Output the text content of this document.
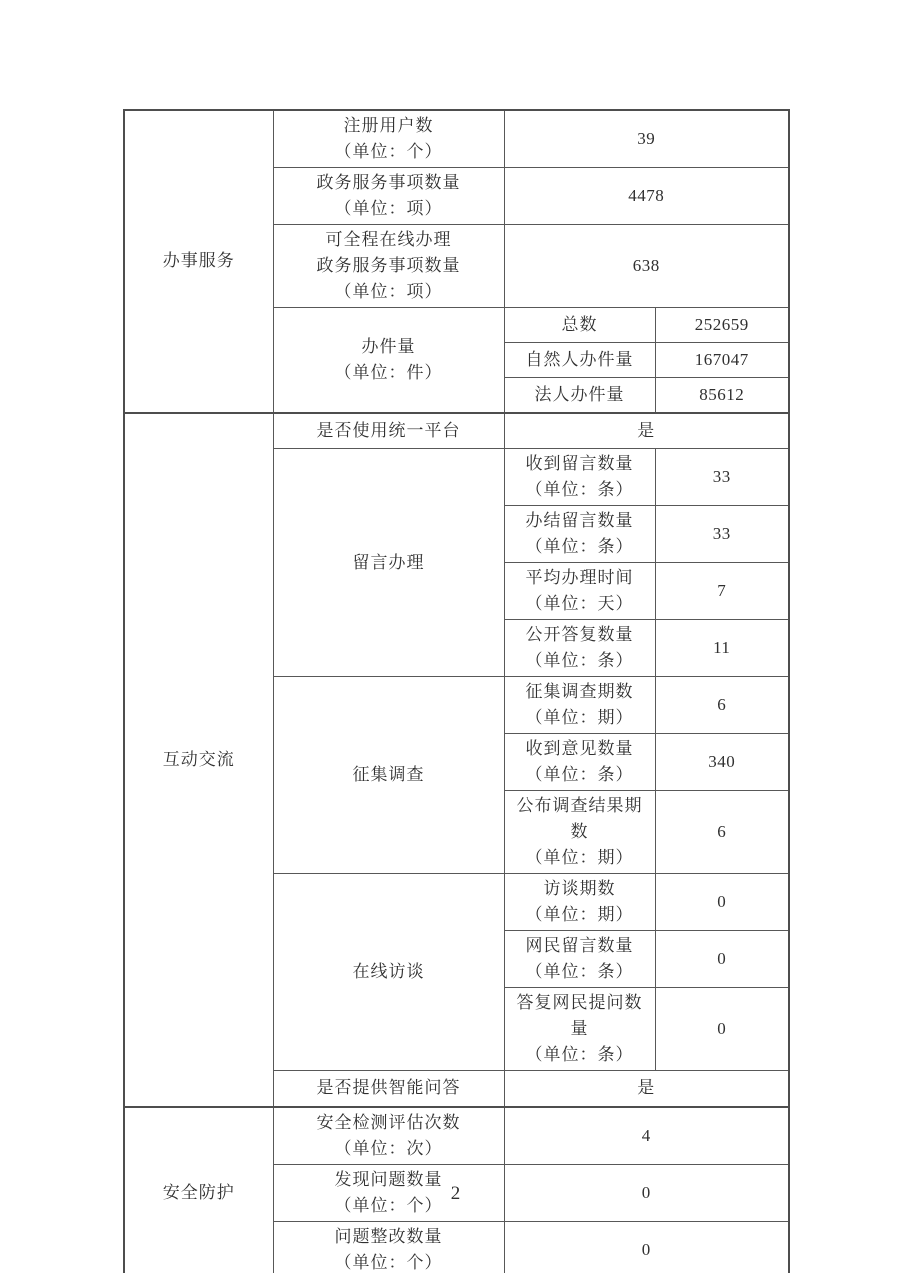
办事服务	注册用户数
（单位：个）	39	

	政务服务事项数量
（单位：项）	4478	

	可全程在线办理
政务服务事项数量
（单位：项）	638	

	办件量
（单位：件）	总数	252659
		自然人办件量	167047
		法人办件量	85612

互动交流	是否使用统一平台	是	

	留言办理	收到留言数量
（单位：条）	33

		办结留言数量
（单位：条）	33

		平均办理时间
（单位：天）	7

		公开答复数量
（单位：条）	11

	征集调查	征集调查期数
（单位：期）	6

		收到意见数量
（单位：条）	340

		公布调查结果期数
（单位：期）	6

	在线访谈	访谈期数
（单位：期）	0

		网民留言数量
（单位：条）	0

		答复网民提问数量
（单位：条）	0
	是否提供智能问答	是	

安全防护	安全检测评估次数
（单位：次）	4	

	发现问题数量
（单位：个）	0	

	问题整改数量
（单位：个）	0	
2
